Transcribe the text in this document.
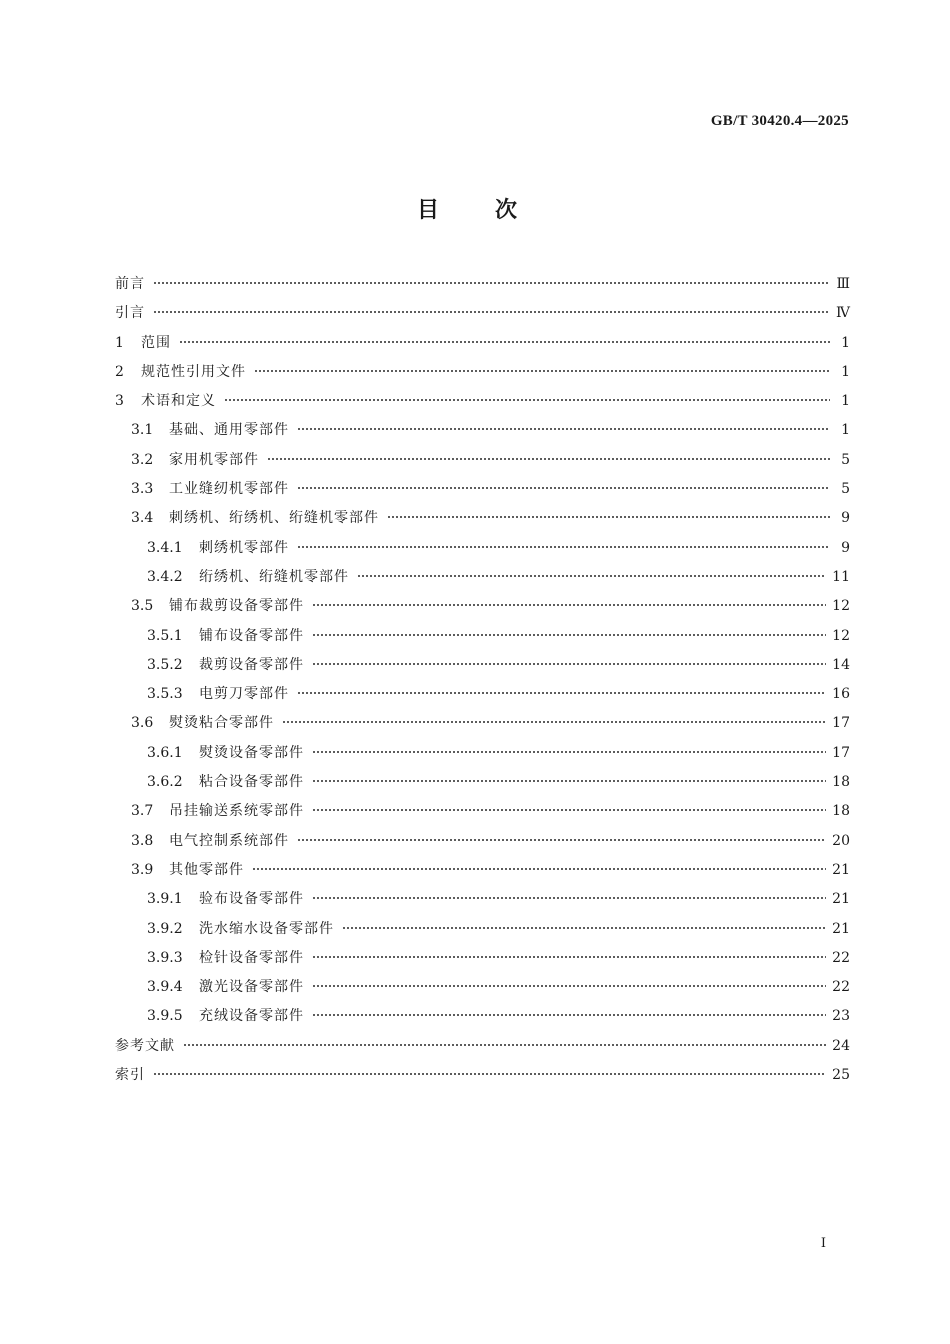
GB/T 30420.4—2025
目次
前言	Ⅲ
引言	Ⅳ
1	范围	1
2	规范性引用文件	1
3	术语和定义	1
3.1	基础、通用零部件	1
3.2	家用机零部件	5
3.3	工业缝纫机零部件	5
3.4	刺绣机、绗绣机、绗缝机零部件	9
3.4.1	刺绣机零部件	9
3.4.2	绗绣机、绗缝机零部件	11
3.5	铺布裁剪设备零部件	12
3.5.1	铺布设备零部件	12
3.5.2	裁剪设备零部件	14
3.5.3	电剪刀零部件	16
3.6	熨烫粘合零部件	17
3.6.1	熨烫设备零部件	17
3.6.2	粘合设备零部件	18
3.7	吊挂输送系统零部件	18
3.8	电气控制系统部件	20
3.9	其他零部件	21
3.9.1	验布设备零部件	21
3.9.2	洗水缩水设备零部件	21
3.9.3	检针设备零部件	22
3.9.4	激光设备零部件	22
3.9.5	充绒设备零部件	23
参考文献	24
索引	25
Ⅰ
